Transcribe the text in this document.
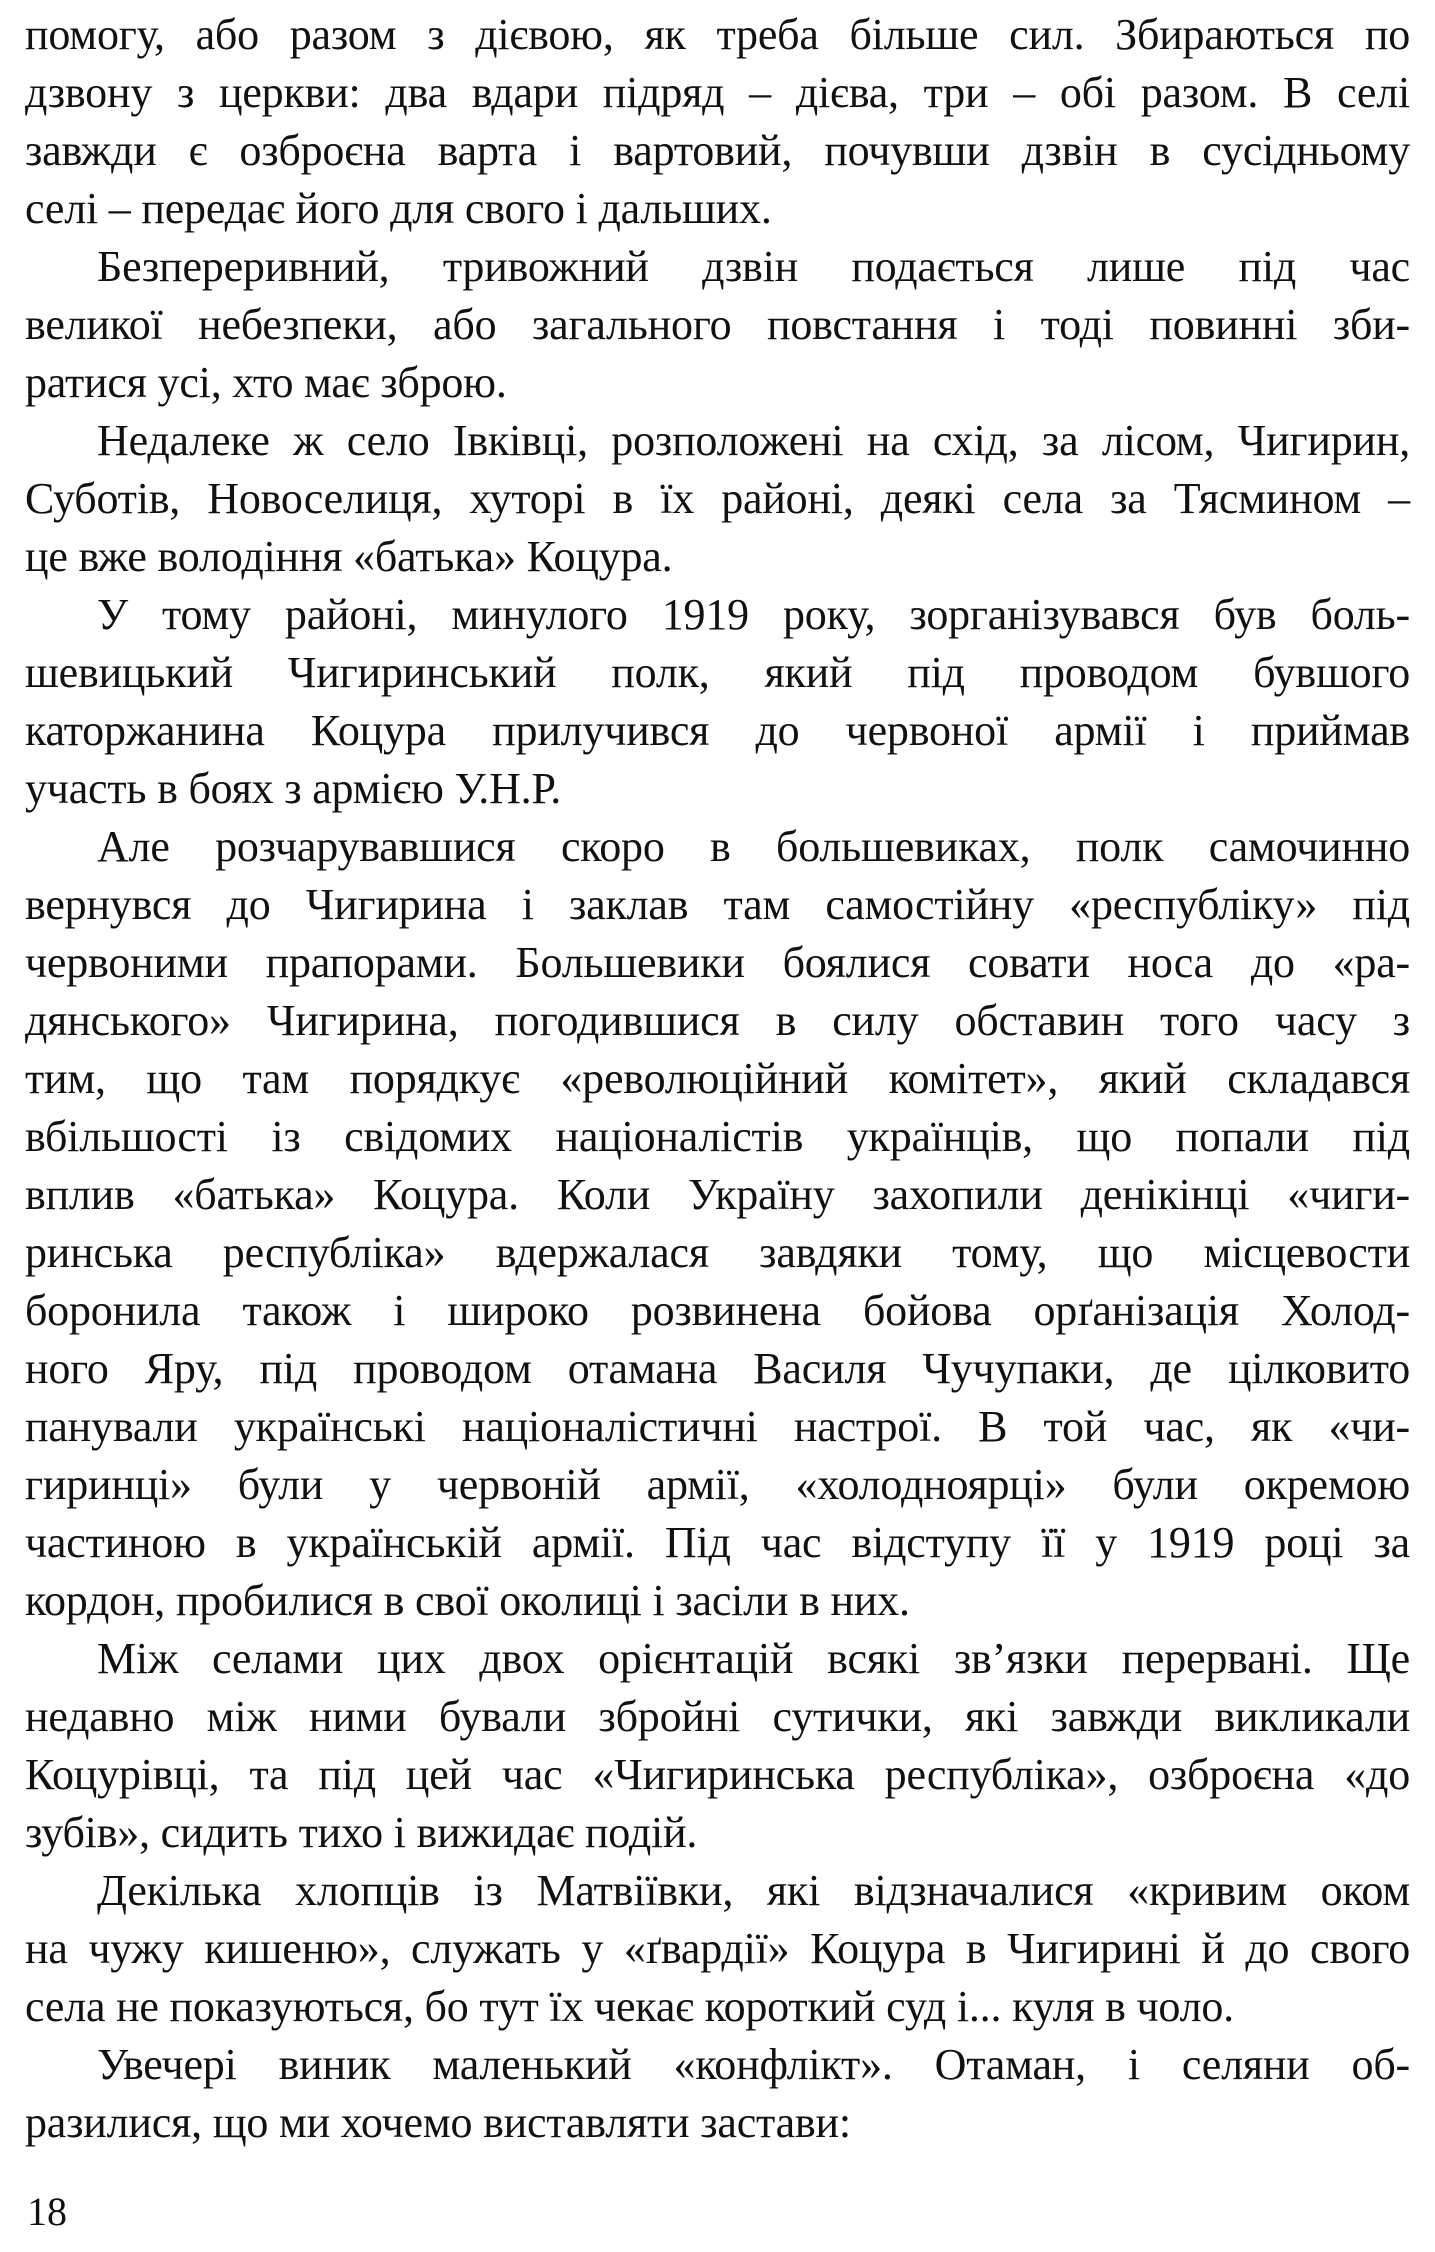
помогу, або разом з дієвою, як треба більше сил. Збираються по
дзвону з церкви: два вдари підряд – дієва, три – обі разом. В селі
завжди є озброєна варта і вартовий, почувши дзвін в сусідньому
селі – передає його для свого і дальших.
Безпереривний, тривожний дзвін подається лише під час
великої небезпеки, або загального повстання і тоді повинні зби-
ратися усі, хто має зброю.
Недалеке ж село Івківці, розположені на схід, за лісом, Чигирин,
Суботів, Новоселиця, хуторі в їх районі, деякі села за Тясмином –
це вже володіння «батька» Коцура.
У тому районі, минулого 1919 року, зорганізувався був боль-
шевицький Чигиринський полк, який під проводом бувшого
каторжанина Коцура прилучився до червоної армії і приймав
участь в боях з армією У.Н.Р.
Але розчарувавшися скоро в большевиках, полк самочинно
вернувся до Чигирина і заклав там самостійну «республіку» під
червоними прапорами. Большевики боялися совати носа до «ра-
дянського» Чигирина, погодившися в силу обставин того часу з
тим, що там порядкує «революційний комітет», який складався
вбільшості із свідомих націоналістів українців, що попали під
вплив «батька» Коцура. Коли Україну захопили денікінці «чиги-
ринська республіка» вдержалася завдяки тому, що місцевости
боронила також і широко розвинена бойова орґанізація Холод-
ного Яру, під проводом отамана Василя Чучупаки, де цілковито
панували українські націоналістичні настрої. В той час, як «чи-
гиринці» були у червоній армії, «холодноярці» були окремою
частиною в українській армії. Під час відступу її у 1919 році за
кордон, пробилися в свої околиці і засіли в них.
Між селами цих двох орієнтацій всякі зв’язки перервані. Ще
недавно між ними бували збройні сутички, які завжди викликали
Коцурівці, та під цей час «Чигиринська республіка», озброєна «до
зубів», сидить тихо і вижидає подій.
Декілька хлопців із Матвіївки, які відзначалися «кривим оком
на чужу кишеню», служать у «ґвардії» Коцура в Чигирині й до свого
села не показуються, бо тут їх чекає короткий суд і... куля в чоло.
Увечері виник маленький «конфлікт». Отаман, і селяни об-
разилися, що ми хочемо виставляти застави:
18
